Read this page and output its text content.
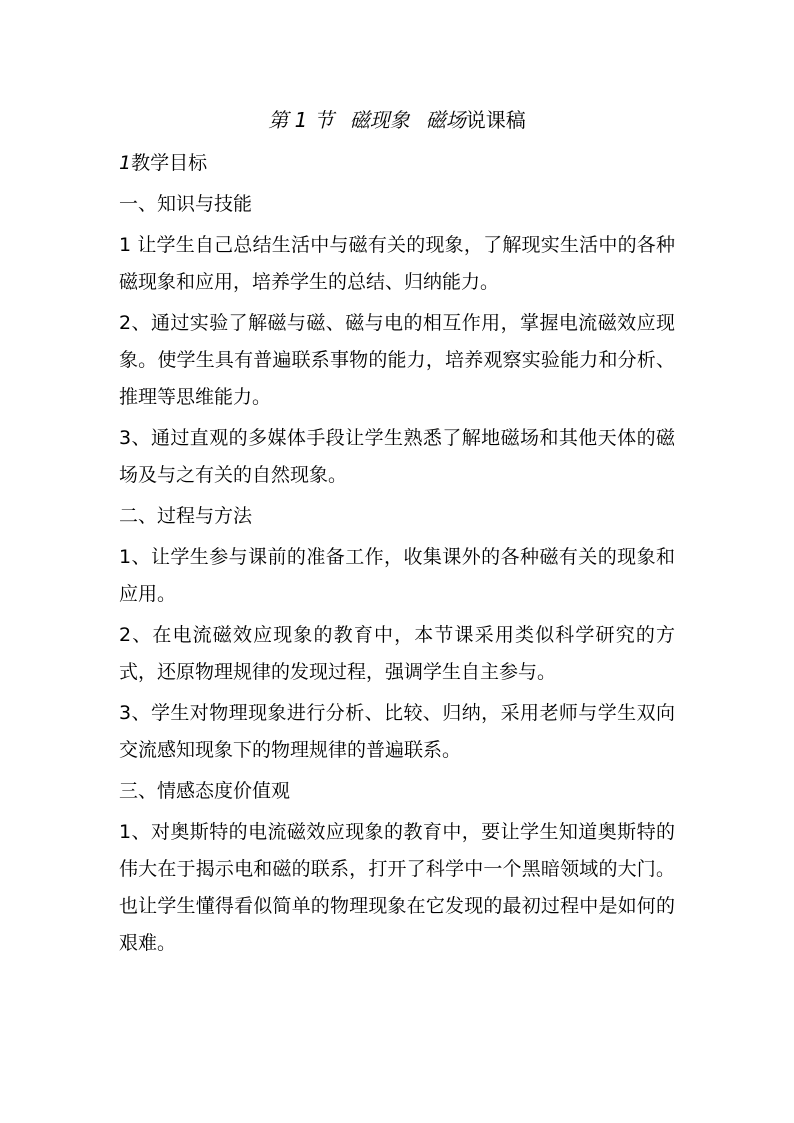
第 1 节 磁现象 磁场说课稿

1教学目标

一、知识与技能

1 让学生自己总结生活中与磁有关的现象，了解现实生活中的各种磁现象和应用，培养学生的总结、归纳能力。

2、通过实验了解磁与磁、磁与电的相互作用，掌握电流磁效应现象。使学生具有普遍联系事物的能力，培养观察实验能力和分析、推理等思维能力。

3、通过直观的多媒体手段让学生熟悉了解地磁场和其他天体的磁场及与之有关的自然现象。

二、过程与方法

1、让学生参与课前的准备工作，收集课外的各种磁有关的现象和应用。

2、在电流磁效应现象的教育中，本节课采用类似科学研究的方式，还原物理规律的发现过程，强调学生自主参与。

3、学生对物理现象进行分析、比较、归纳，采用老师与学生双向交流感知现象下的物理规律的普遍联系。

三、情感态度价值观

1、对奥斯特的电流磁效应现象的教育中，要让学生知道奥斯特的伟大在于揭示电和磁的联系，打开了科学中一个黑暗领域的大门。也让学生懂得看似简单的物理现象在它发现的最初过程中是如何的艰难。
